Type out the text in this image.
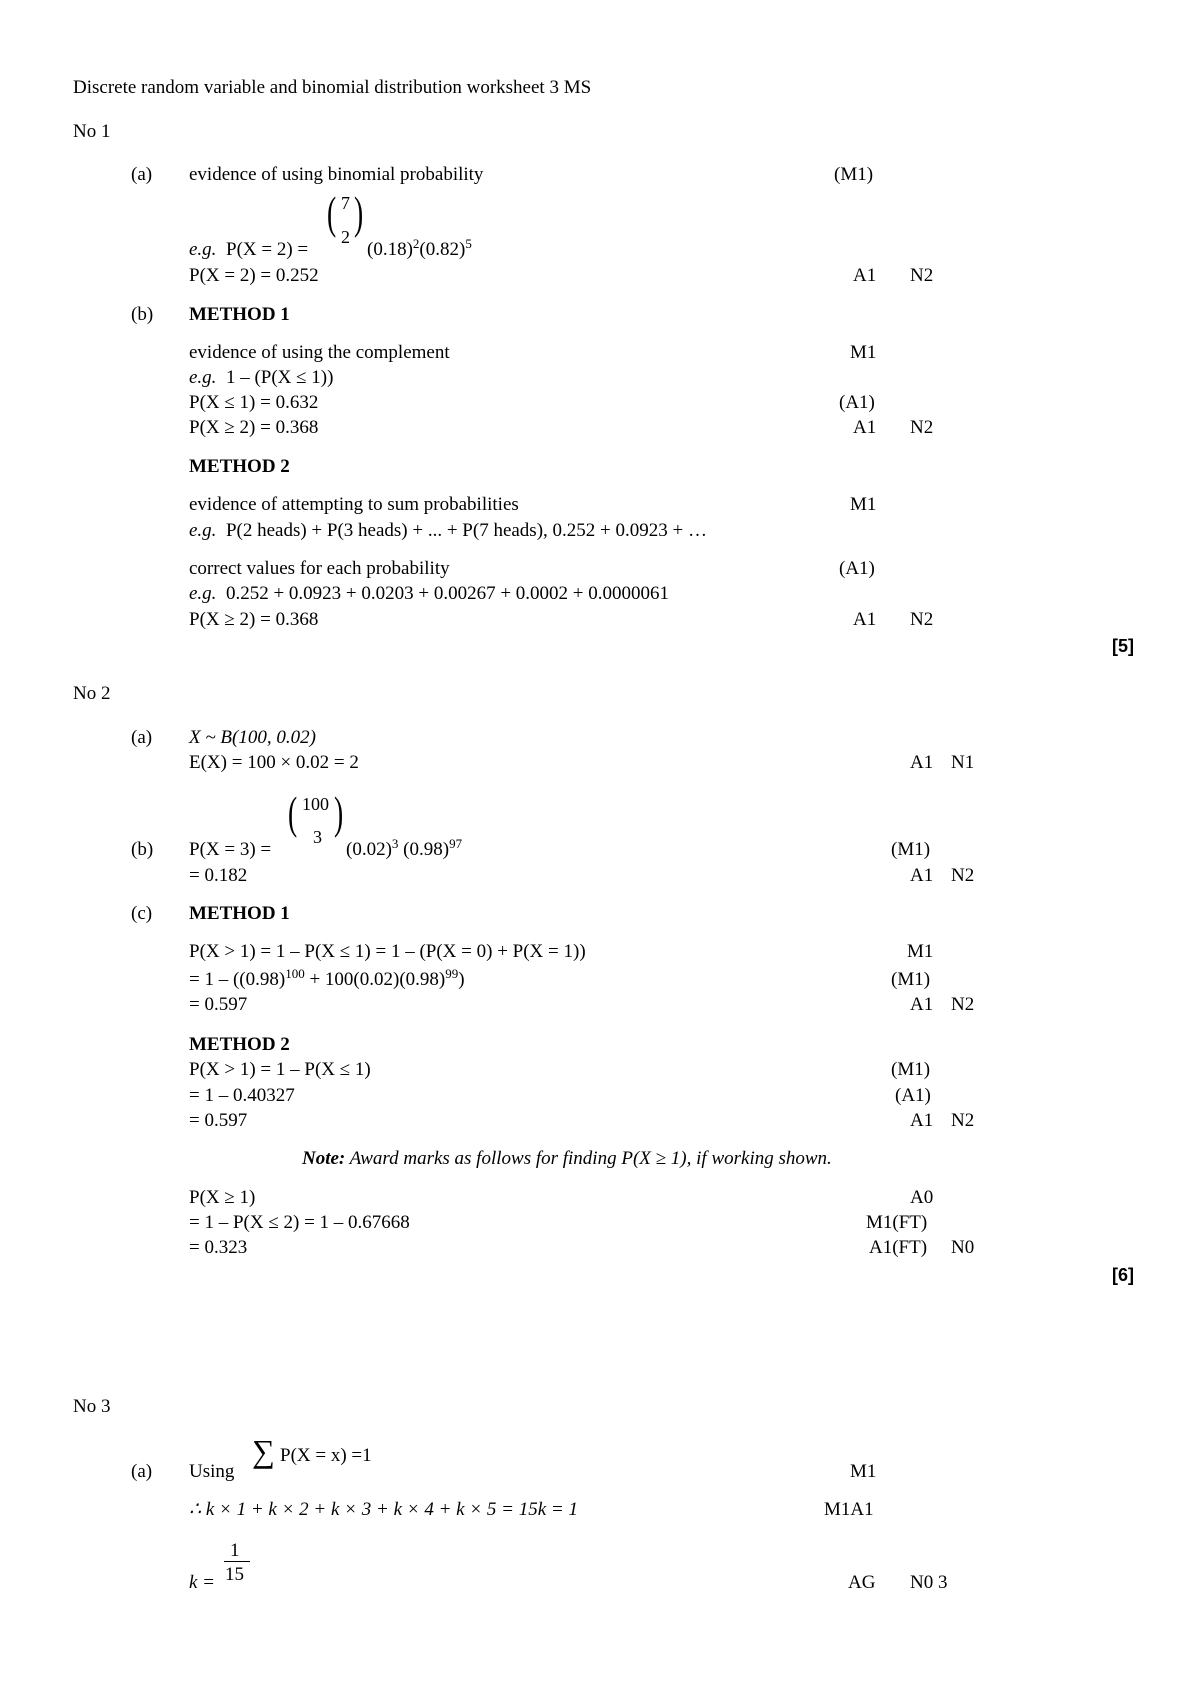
Discrete random variable and binomial distribution worksheet 3 MS
No 1
(a) evidence of using binomial probability	(M1)
e.g. P(X = 2) =
( 7
2 )
$(0.18)^2(0.82)^5$
P(X = 2) = 0.252	A1 N2
(b) METHOD 1
evidence of using the complement	M1
e.g. 1 – (P(X ≤ 1))
P(X ≤ 1) = 0.632	(A1)
P(X ≥ 2) = 0.368	A1 N2
METHOD 2
evidence of attempting to sum probabilities	M1
e.g. P(2 heads) + P(3 heads) + ... + P(7 heads), 0.252 + 0.0923 + …
correct values for each probability	(A1)
e.g. 0.252 + 0.0923 + 0.0203 + 0.00267 + 0.0002 + 0.0000061
P(X ≥ 2) = 0.368	A1 N2
[5]
No 2
(a) X ~ B(100, 0.02)
E(X) = 100 × 0.02 = 2	A1 N1
(b) P(X = 3) =
( 100
3 )
$(0.02)^3$ $(0.98)^{97}$	(M1)
= 0.182	A1 N2
(c) METHOD 1
P(X > 1) = 1 – P(X ≤ 1) = 1 – (P(X = 0) + P(X = 1))	M1
= $1 - ((0.98)^{100} + 100(0.02)(0.98)^{99})$	(M1)
= 0.597	A1 N2
METHOD 2
P(X > 1) = 1 – P(X ≤ 1)	(M1)
= 1 – 0.40327	(A1)
= 0.597	A1 N2
Note: Award marks as follows for finding P(X ≥ 1), if working shown.
P(X ≥ 1)	A0
= 1 – P(X ≤ 2) = 1 – 0.67668	M1(FT)
= 0.323	A1(FT) N0
[6]
No 3
(a) Using
∑ P(X = x) =1
M1
∴ k × 1 + k × 2 + k × 3 + k × 4 + k × 5 = 15k = 1	M1A1
k =
1
15	AG N0 3
